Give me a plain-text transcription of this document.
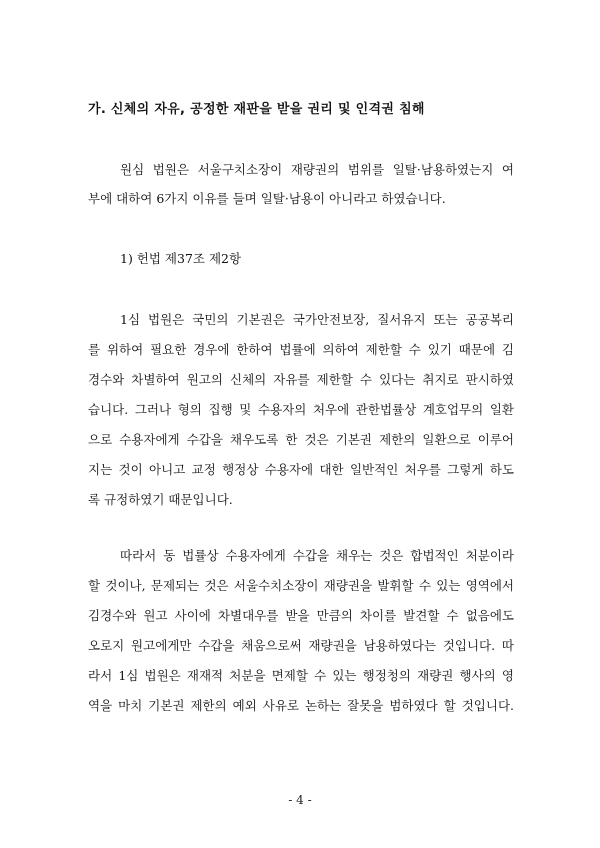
가. 신체의 자유, 공정한 재판을 받을 권리 및 인격권 침해
원심 법원은 서울구치소장이 재량권의 범위를 일탈·남용하였는지 여
부에 대하여 6가지 이유를 들며 일탈·남용이 아니라고 하였습니다.
1) 헌법 제37조 제2항
1심 법원은 국민의 기본권은 국가안전보장, 질서유지 또는 공공복리
를 위하여 필요한 경우에 한하여 법률에 의하여 제한할 수 있기 때문에 김
경수와 차별하여 원고의 신체의 자유를 제한할 수 있다는 취지로 판시하였
습니다. 그러나 형의 집행 및 수용자의 처우에 관한법률상 계호업무의 일환
으로 수용자에게 수갑을 채우도록 한 것은 기본권 제한의 일환으로 이루어
지는 것이 아니고 교정 행정상 수용자에 대한 일반적인 처우를 그렇게 하도
록 규정하였기 때문입니다.
따라서 동 법률상 수용자에게 수갑을 채우는 것은 합법적인 처분이라
할 것이나, 문제되는 것은 서울수치소장이 재량권을 발휘할 수 있는 영역에서
김경수와 원고 사이에 차별대우를 받을 만큼의 차이를 발견할 수 없음에도
오로지 원고에게만 수갑을 채움으로써 재량권을 남용하였다는 것입니다. 따
라서 1심 법원은 재재적 처분을 면제할 수 있는 행정청의 재량권 행사의 영
역을 마치 기본권 제한의 예외 사유로 논하는 잘못을 범하였다 할 것입니다.
- 4 -
